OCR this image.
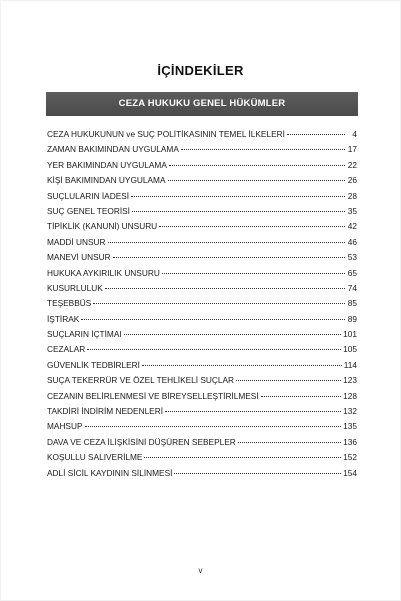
İÇİNDEKİLER
CEZA HUKUKU GENEL HÜKÜMLER
CEZA HUKUKUNUN ve SUÇ POLİTİKASININ TEMEL İLKELERİ	4
ZAMAN BAKIMINDAN UYGULAMA	17
YER BAKIMINDAN UYGULAMA	22
KİŞİ BAKIMINDAN UYGULAMA	26
SUÇLULARIN İADESİ	28
SUÇ GENEL TEORİSİ	35
TİPİKLİK (KANUNİ) UNSURU	42
MADDİ UNSUR	46
MANEVİ UNSUR	53
HUKUKA AYKIRILIK UNSURU	65
KUSURLULUK	74
TEŞEBBÜS	85
İŞTİRAK	89
SUÇLARIN İÇTİMAI	101
CEZALAR	105
GÜVENLİK TEDBİRLERİ	114
SUÇA TEKERRÜR VE ÖZEL TEHLİKELİ SUÇLAR	123
CEZANIN BELİRLENMESİ VE BİREYSELLEŞTİRİLMESİ	128
TAKDİRİ İNDİRİM NEDENLERİ	132
MAHSUP	135
DAVA VE CEZA İLİŞKİSİNİ DÜŞÜREN SEBEPLER	136
KOŞULLU SALIVERİLME	152
ADLİ SİCİL KAYDININ SİLİNMESİ	154
v
